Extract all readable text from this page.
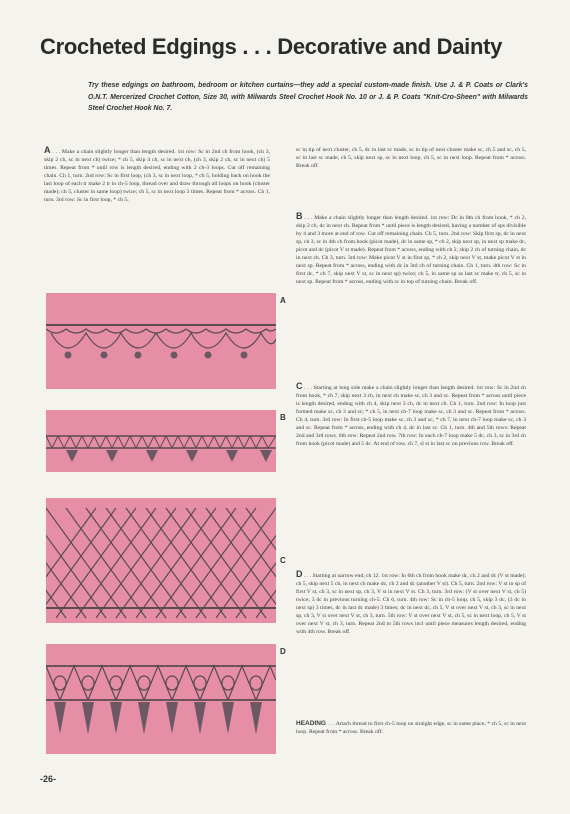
Crocheted Edgings . . . Decorative and Dainty
Try these edgings on bathroom, bedroom or kitchen curtains—they add a special custom-made finish. Use J. & P. Coats or Clark's O.N.T. Mercerized Crochet Cotton, Size 30, with Milwards Steel Crochet Hook No. 10 or J. & P. Coats "Knit-Cro-Sheen" with Milwards Steel Crochet Hook No. 7.
A . . . Make a chain slightly longer than length desired. 1st row: Sc in 2nd ch from hook, (ch 3, skip 2 ch, sc in next ch) twice; * ch 5, skip 4 ch, sc in next ch, (ch 3, skip 2 ch, sc in next ch) 5 times. Repeat from * until row is length desired, ending with 2 ch-3 loops. Cut off remaining chain. Ch 1, turn. 2nd row: Sc in first loop, (ch 3, sc in next loop, * ch 5, holding back on hook the last loop of each tr make 2 tr in ch-5 loop, thread over and draw through all loops on hook (cluster made); ch 5, cluster in same loop) twice; ch 5, sc in next loop 3 times. Repeat from * across. Ch 1, turn. 3rd row: Sc in first loop, * ch 5,
sc in tip of next cluster, ch 5, dc in last sc made, sc in tip of next cluster make sc, ch 5 and sc, ch 5, sc in last sc made, ch 5, skip next sp, sc in next loop, ch 5, sc in next loop. Repeat from * across. Break off.
B . . . Make a chain slightly longer than length desired. 1st row: Dc in 8th ch from hook, * ch 2, skip 2 ch, dc in next ch. Repeat from * until piece is length desired, having a number of sps divisible by 4 and 3 more at end of row. Cut off remaining chain. Ch 5, turn. 2nd row: Skip first sp, dc in next sp, ch 3, sc in 4th ch from hook (picot made), dc in same sp, * ch 2, skip next sp, in next sp make dc, picot and dc (picot V st made). Repeat from * across, ending with ch 2, skip 2 ch of turning chain, dc in next ch. Ch 3, turn. 3rd row: Make picot V st in first sp, * ch 2, skip next V st, make picot V st in next sp. Repeat from * across, ending with dc in 3rd ch of turning chain. Ch 1, turn. 4th row: Sc in first dc, * ch 7, skip next V st, sc in next sp) twice; ch 5, in same sp as last sc make tr, ch 5, sc in next sp. Repeat from * across, ending with sc in top of turning chain. Break off.
C . . . Starting at long side make a chain slightly longer than length desired. 1st row: Sc in 2nd ch from hook, * ch 7, skip next 3 ch, in next ch make sc, ch 3 and sc. Repeat from * across until piece is length desired, ending with ch 4, skip next 3 ch, dc in next ch. Ch 1, turn. 2nd row: In loop just formed make sc, ch 3 and sc; * ch 5, in next ch-7 loop make sc, ch 3 and sc. Repeat from * across. Ch 4, turn. 3rd row: In first ch-5 loop make sc, ch 3 and sc, * ch 7, in next ch-7 loop make sc, ch 3 and sc. Repeat from * across, ending with ch 4, dc in last sc. Ch 1, turn. 4th and 5th rows: Repeat 2nd and 3rd rows. 6th row: Repeat 2nd row. 7th row: In each ch-7 loop make 5 dc, ch 3, sc in 3rd ch from hook (picot made) and 5 dc. At end of row, ch 7, sl st in last sc on previous row. Break off.
D . . . Starting at narrow end, ch 12. 1st row: In 6th ch from hook make dc, ch 2 and dc (V st made); ch 5, skip next 5 ch, in next ch make dc, ch 2 and dc (another V st). Ch 5, turn. 2nd row: V st in sp of first V st, ch 3, sc in next sp, ch 3, V st in next V st. Ch 3, turn. 3rd row: (V st over next V st, ch 5) twice; 3 dc in previous turning ch-5. Ch 6, turn. 4th row: Sc in ch-5 loop, ch 5, skip 3 dc, (3 dc in next sp) 3 times, dc in last dc made) 3 times; dc in next dc, ch 5, V st over next V st, ch 3, sc in next sp, ch 3, V st over next V st, ch 3, turn. 5th row: V st over next V st, ch 5, sc in next loop, ch 5, V st over next V st, ch 3, turn. Repeat 2nd to 5th rows incl until piece measures length desired, ending with 4th row. Break off.
HEADING . . . Attach thread to first ch-5 loop on straight edge, sc in same place, * ch 5, sc in next loop. Repeat from * across. Break off.
A
B
C
D
-26-
